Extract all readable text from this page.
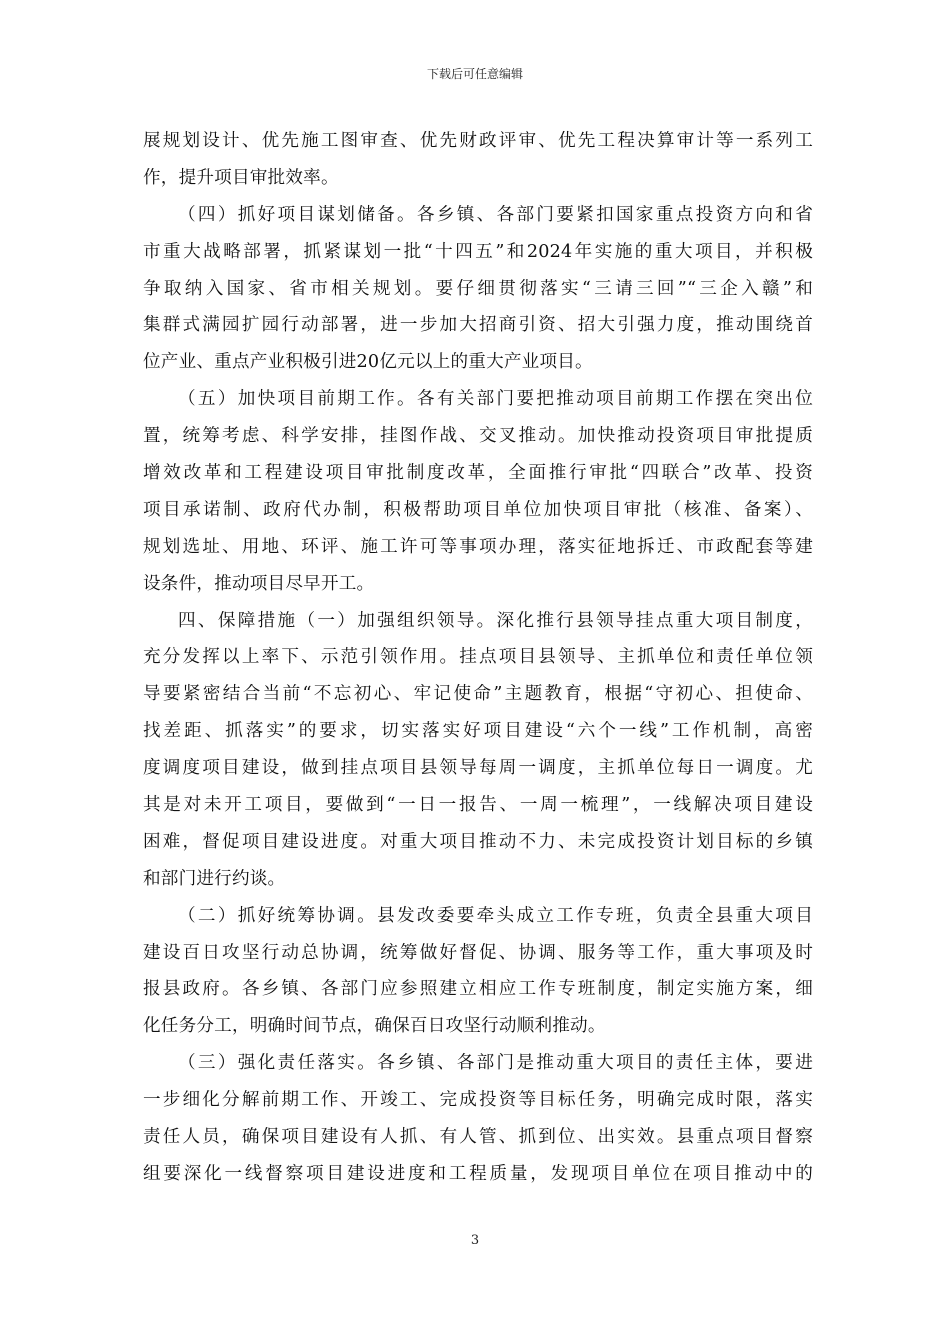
下载后可任意编辑
展规划设计、优先施工图审查、优先财政评审、优先工程决算审计等一系列工
作，提升项目审批效率。
（四）抓好项目谋划储备。各乡镇、各部门要紧扣国家重点投资方向和省
市重大战略部署，抓紧谋划一批“十四五”和2024年实施的重大项目，并积极
争取纳入国家、省市相关规划。要仔细贯彻落实“三请三回”“三企入赣”和
集群式满园扩园行动部署，进一步加大招商引资、招大引强力度，推动围绕首
位产业、重点产业积极引进20亿元以上的重大产业项目。
（五）加快项目前期工作。各有关部门要把推动项目前期工作摆在突出位
置，统筹考虑、科学安排，挂图作战、交叉推动。加快推动投资项目审批提质
增效改革和工程建设项目审批制度改革，全面推行审批“四联合”改革、投资
项目承诺制、政府代办制，积极帮助项目单位加快项目审批（核准、备案）、
规划选址、用地、环评、施工许可等事项办理，落实征地拆迁、市政配套等建
设条件，推动项目尽早开工。
四、保障措施（一）加强组织领导。深化推行县领导挂点重大项目制度，
充分发挥以上率下、示范引领作用。挂点项目县领导、主抓单位和责任单位领
导要紧密结合当前“不忘初心、牢记使命”主题教育，根据“守初心、担使命、
找差距、抓落实”的要求，切实落实好项目建设“六个一线”工作机制，高密
度调度项目建设，做到挂点项目县领导每周一调度，主抓单位每日一调度。尤
其是对未开工项目，要做到“一日一报告、一周一梳理”，一线解决项目建设
困难，督促项目建设进度。对重大项目推动不力、未完成投资计划目标的乡镇
和部门进行约谈。
（二）抓好统筹协调。县发改委要牵头成立工作专班，负责全县重大项目
建设百日攻坚行动总协调，统筹做好督促、协调、服务等工作，重大事项及时
报县政府。各乡镇、各部门应参照建立相应工作专班制度，制定实施方案，细
化任务分工，明确时间节点，确保百日攻坚行动顺利推动。
（三）强化责任落实。各乡镇、各部门是推动重大项目的责任主体，要进
一步细化分解前期工作、开竣工、完成投资等目标任务，明确完成时限，落实
责任人员，确保项目建设有人抓、有人管、抓到位、出实效。县重点项目督察
组要深化一线督察项目建设进度和工程质量，发现项目单位在项目推动中的
3
